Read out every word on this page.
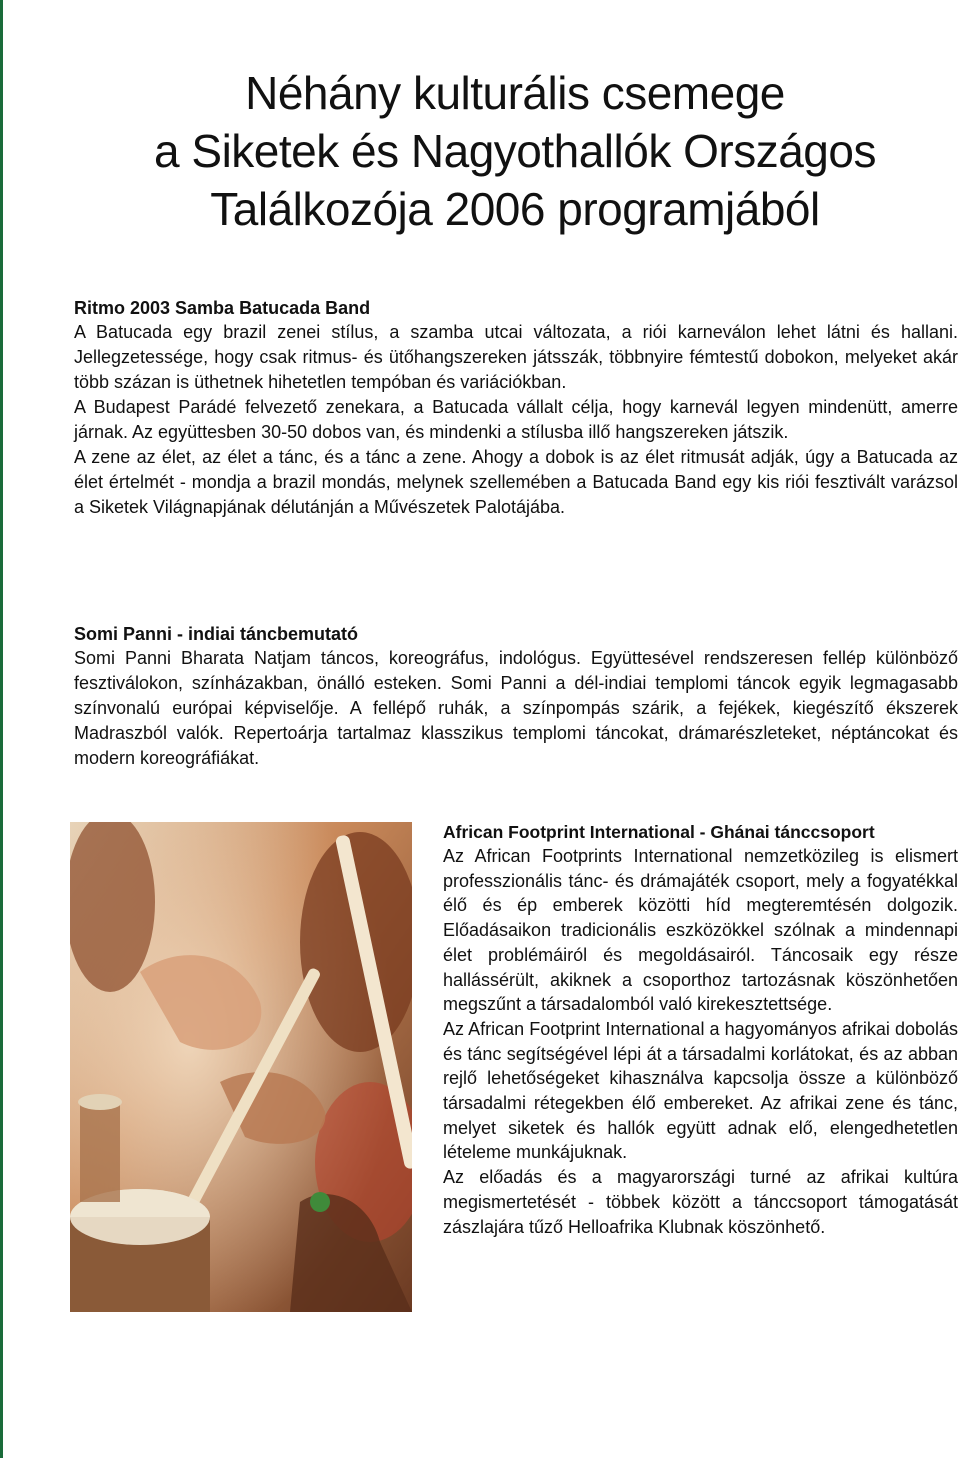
Néhány kulturális csemege
a Siketek és Nagyothallók Országos
Találkozója 2006 programjából
Ritmo 2003 Samba Batucada Band

A Batucada egy brazil zenei stílus, a szamba utcai változata, a riói karneválon lehet látni és hallani. Jellegzetessége, hogy csak ritmus- és ütőhangszereken játsszák, többnyire fémtestű dobokon, melyeket akár több százan is üthetnek hihetetlen tempóban és variációkban.

A Budapest Parádé felvezető zenekara, a Batucada vállalt célja, hogy karnevál legyen mindenütt, amerre járnak. Az együttesben 30-50 dobos van, és mindenki a stílusba illő hangszereken játszik.

A zene az élet, az élet a tánc, és a tánc a zene. Ahogy a dobok is az élet ritmusát adják, úgy a Batucada az élet értelmét - mondja a brazil mondás, melynek szellemében a Batucada Band egy kis riói fesztivált varázsol a Siketek Világnapjának délutánján a Művészetek Palotájába.

Somi Panni - indiai táncbemutató

Somi Panni Bharata Natjam táncos, koreográfus, indológus. Együttesével rendszeresen fellép különböző fesztiválokon, színházakban, önálló esteken. Somi Panni a dél-indiai templomi táncok egyik legmagasabb színvonalú európai képviselője. A fellépő ruhák, a színpompás szárik, a fejékek, kiegészítő ékszerek Madraszból valók. Repertoárja tartalmaz klasszikus templomi táncokat, drámarészleteket, néptáncokat és modern koreográfiákat.

African Footprint International - Ghánai tánccsoport

Az African Footprints International nemzetközileg is elismert professzionális tánc- és drámajáték csoport, mely a fogyatékkal élő és ép emberek közötti híd megteremtésén dolgozik. Előadásaikon tradicionális eszközökkel szólnak a mindennapi élet problémáiról és megoldásairól. Táncosaik egy része hallássérült, akiknek a csoporthoz tartozásnak köszönhetően megszűnt a társadalomból való kirekesztettsége.

Az African Footprint International a hagyományos afrikai dobolás és tánc segítségével lépi át a társadalmi korlátokat, és az abban rejlő lehetőségeket kihasználva kapcsolja össze a különböző társadalmi rétegekben élő embereket. Az afrikai zene és tánc, melyet siketek és hallók együtt adnak elő, elengedhetetlen lételeme munkájuknak.

Az előadás és a magyarországi turné az afrikai kultúra megismertetését - többek között a tánccsoport támogatását zászlajára tűző Helloafrika Klubnak köszönhető.
